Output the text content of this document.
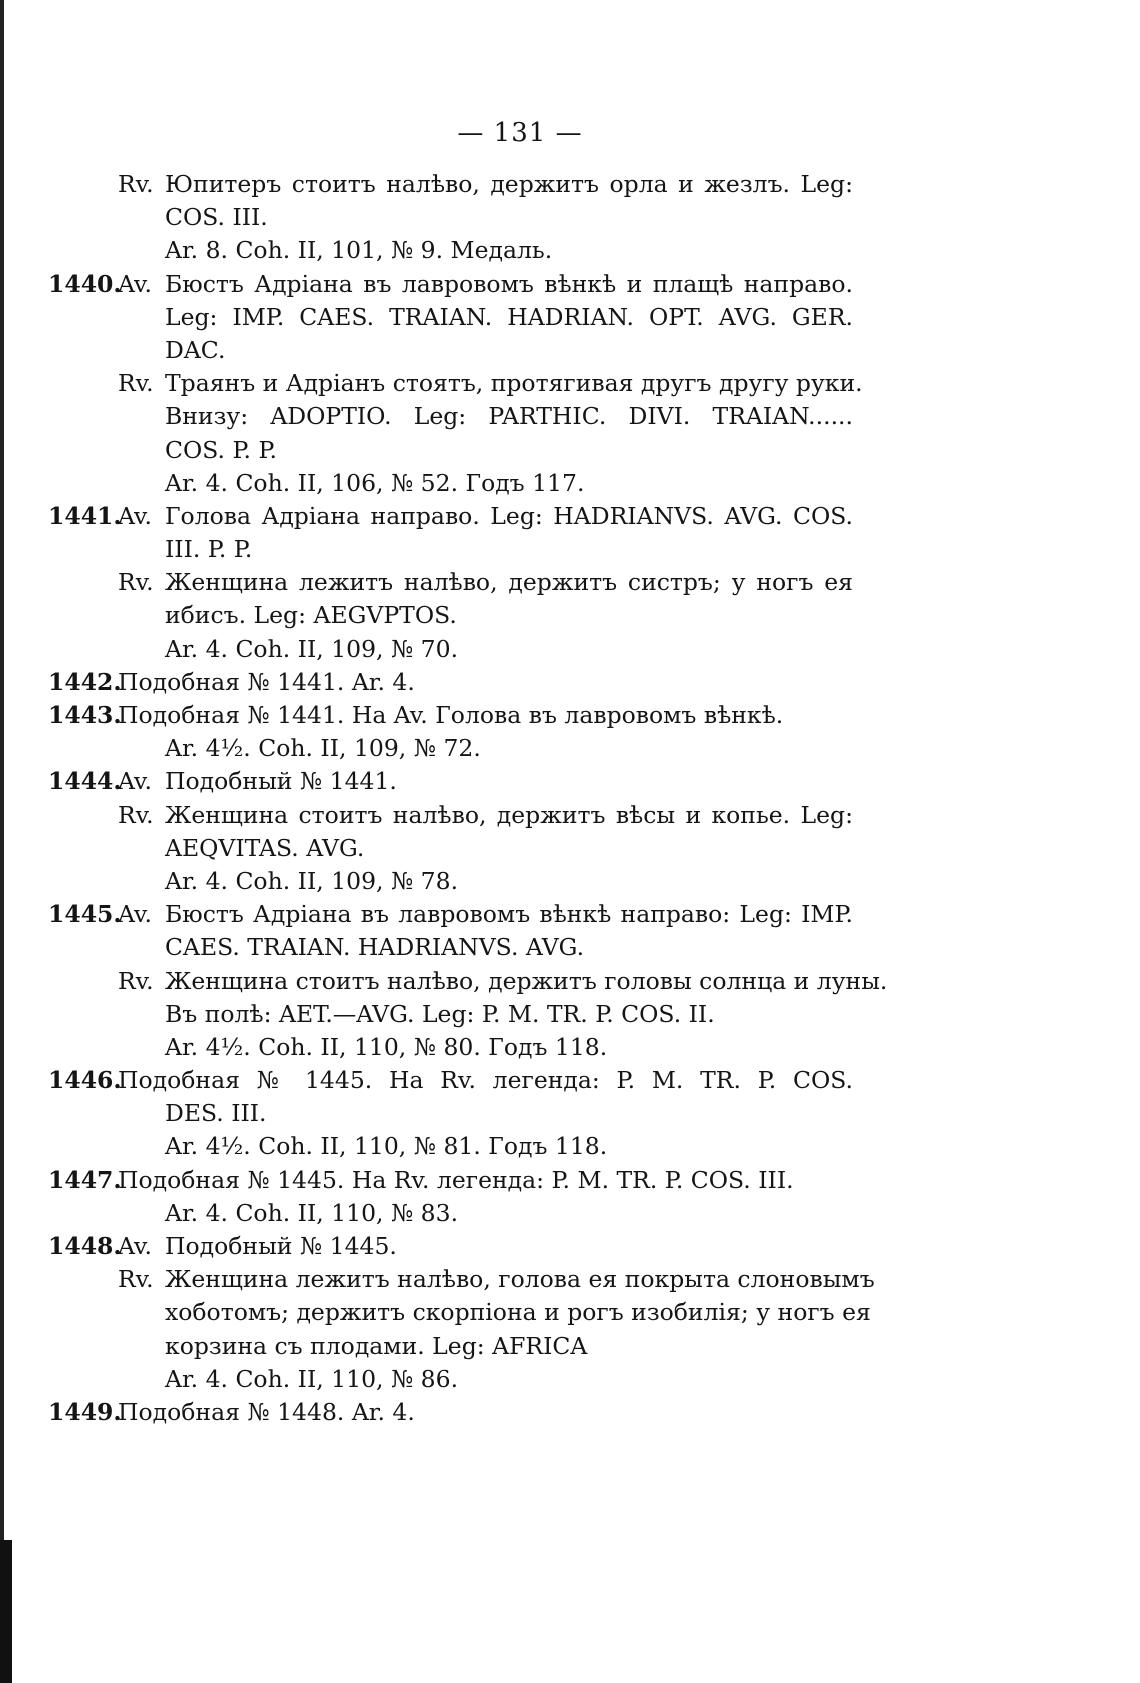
— 131 —
Rv. Юпитеръ стоитъ налѣво, держитъ орла и жезлъ. Leg:
COS. III.
Ar. 8. Coh. II, 101, № 9. Медаль.
1440.
Av. Бюстъ Адріана въ лавровомъ вѣнкѣ и плащѣ направо.
Leg: IMP. CAES. TRAIAN. HADRIAN. OPT. AVG. GER.
DAC.
Rv. Траянъ и Адріанъ стоятъ, протягивая другъ другу руки.
Внизу: ADOPTIO. Leg: PARTHIC. DIVI. TRAIAN......
COS. P. P.
Ar. 4. Coh. II, 106, № 52. Годъ 117.
1441.
Av. Голова Адріана направо. Leg: HADRIANVS. AVG. COS.
III. P. P.
Rv. Женщина лежитъ налѣво, держитъ систръ; у ногъ ея
ибисъ. Leg: AEGVPTOS.
Ar. 4. Coh. II, 109, № 70.
1442.
Подобная № 1441. Ar. 4.
1443.
Подобная № 1441. На Av. Голова въ лавровомъ вѣнкѣ.
Ar. 4½. Coh. II, 109, № 72.
1444.
Av. Подобный № 1441.
Rv. Женщина стоитъ налѣво, держитъ вѣсы и копье. Leg:
AEQVITAS. AVG.
Ar. 4. Coh. II, 109, № 78.
1445.
Av. Бюстъ Адріана въ лавровомъ вѣнкѣ направо: Leg: IMP.
CAES. TRAIAN. HADRIANVS. AVG.
Rv. Женщина стоитъ налѣво, держитъ головы солнца и луны.
Въ полѣ: AET.—AVG. Leg: P. M. TR. P. COS. II.
Ar. 4½. Coh. II, 110, № 80. Годъ 118.
1446.
Подобная № 1445. На Rv. легенда: P. M. TR. P. COS.
DES. III.
Ar. 4½. Coh. II, 110, № 81. Годъ 118.
1447.
Подобная № 1445. На Rv. легенда: P. M. TR. P. COS. III.
Ar. 4. Coh. II, 110, № 83.
1448.
Av. Подобный № 1445.
Rv. Женщина лежитъ налѣво, голова ея покрыта слоновымъ
хоботомъ; держитъ скорпіона и рогъ изобилія; у ногъ ея
корзина съ плодами. Leg: AFRICA
Ar. 4. Coh. II, 110, № 86.
1449.
Подобная № 1448. Ar. 4.
